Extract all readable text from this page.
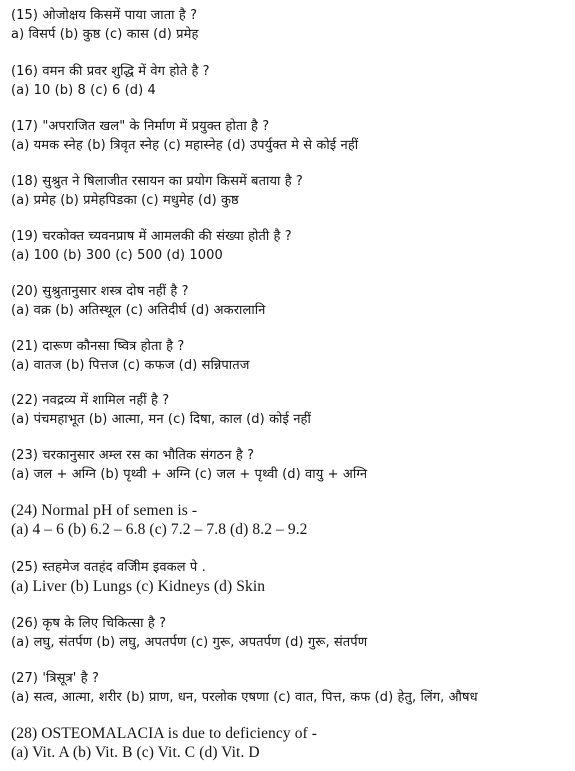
(15) ओजोक्षय किसमें पाया जाता है ?
a) विसर्प (b) कुष्ठ (c) कास (d) प्रमेह
(16) वमन की प्रवर शुद्धि में वेग होते है ?
(a) 10 (b) 8 (c) 6 (d) 4
(17) "अपराजित खल" के निर्माण में प्रयुक्त होता है ?
(a) यमक स्नेह (b) त्रिवृत स्नेह (c) महास्नेह (d) उपर्युक्त मे से कोई नहीं
(18) सुश्रुत ने षिलाजीत रसायन का प्रयोग किसमें बताया है ?
(a) प्रमेह (b) प्रमेहपिडका (c) मधुमेह (d) कुष्ठ
(19) चरकोक्त च्यवनप्राष में आमलकी की संख्या होती है ?
(a) 100 (b) 300 (c) 500 (d) 1000
(20) सुश्रुतानुसार शस्त्र दोष नहीं है ?
(a) वक्र (b) अतिस्थूल (c) अतिदीर्घ (d) अकरालानि
(21) दारूण कौनसा ष्वित्र होता है ?
(a) वातज (b) पित्तज (c) कफज (d) सन्निपातज
(22) नवद्रव्य में शामिल नहीं है ?
(a) पंचमहाभूत (b) आत्मा, मन (c) दिषा, काल (d) कोई नहीं
(23) चरकानुसार अम्ल रस का भौतिक संगठन है ?
(a) जल + अग्नि (b) पृथ्वी + अग्नि (c) जल + पृथ्वी (d) वायु + अग्नि
(24) Normal pH of semen is -
(a) 4 – 6 (b) 6.2 – 6.8 (c) 7.2 – 7.8 (d) 8.2 – 9.2
(25) स्तहमेज वतहंद वजिीम इवकल पे .
(a) Liver (b) Lungs (c) Kidneys (d) Skin
(26) कृष के लिए चिकित्सा है ?
(a) लघु, संतर्पण (b) लघु, अपतर्पण (c) गुरू, अपतर्पण (d) गुरू, संतर्पण
(27) 'त्रिसूत्र' है ?
(a) सत्व, आत्मा, शरीर (b) प्राण, धन, परलोक एषणा (c) वात, पित्त, कफ (d) हेतु, लिंग, औषध
(28) OSTEOMALACIA is due to deficiency of -
(a) Vit. A (b) Vit. B (c) Vit. C (d) Vit. D
